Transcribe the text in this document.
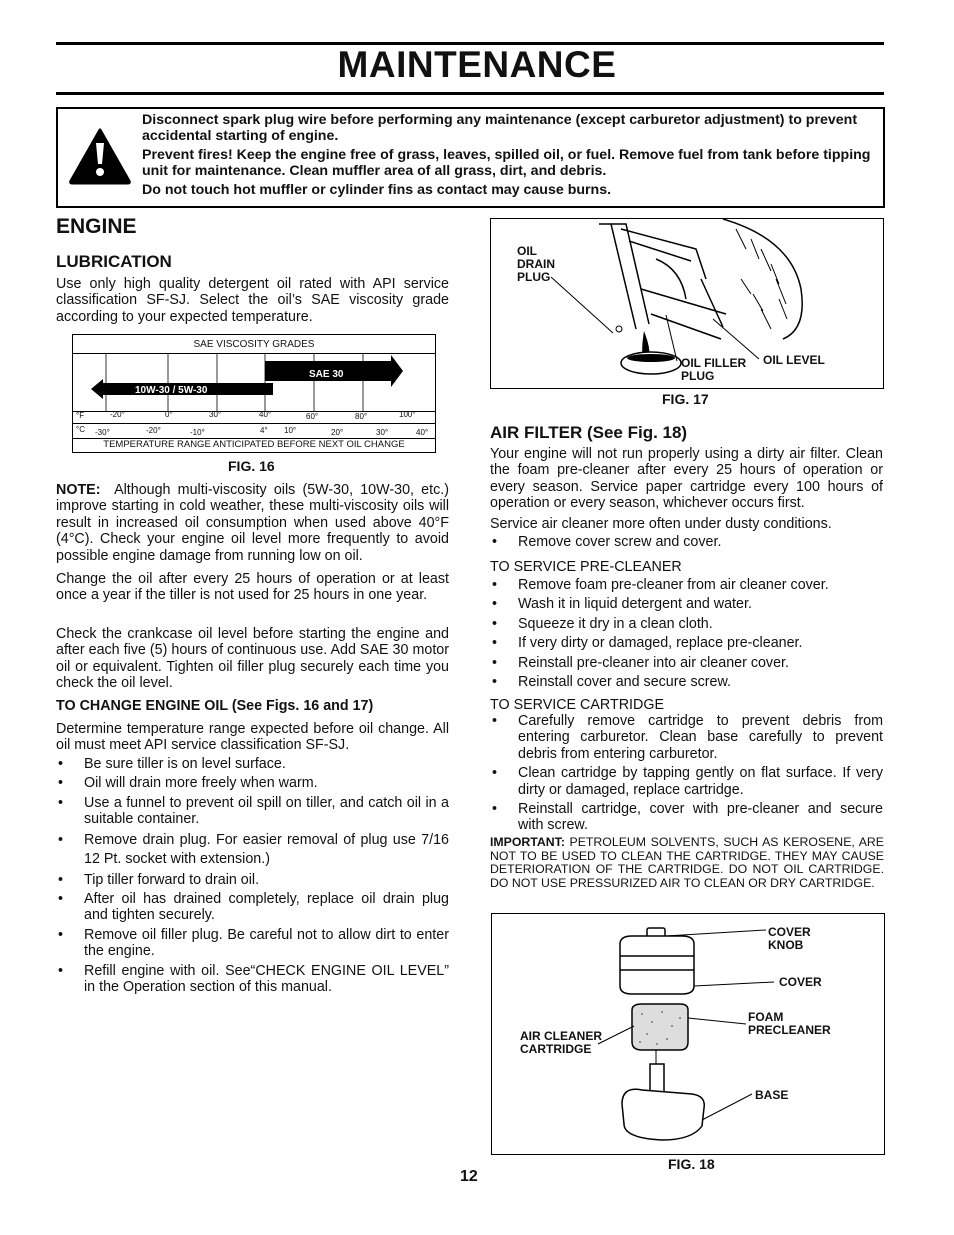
MAINTENANCE

Disconnect spark plug wire before performing any maintenance (except carburetor adjustment) to prevent accidental starting of engine.

Prevent fires! Keep the engine free of grass, leaves, spilled oil, or fuel. Remove fuel from tank before tipping unit for maintenance. Clean muffler area of all grass, dirt, and debris.

Do not touch hot muffler or cylinder fins as contact may cause burns.

ENGINE
LUBRICATION
Use only high quality detergent oil rated with API service classification SF-SJ. Select the oil’s SAE viscosity grade according to your expected temperature.
SAE VISCOSITY GRADES
10W-30 / 5W-30
SAE 30
°F	-20°	0°	30°	40°	60°	80°	100°
°C -30°	-20°	-10°	4° 10°	20°	30°	40°
TEMPERATURE RANGE ANTICIPATED BEFORE NEXT OIL CHANGE
FIG. 16
NOTE: Although multi-viscosity oils (5W-30, 10W-30, etc.) improve starting in cold weather, these multi-viscosity oils will result in increased oil consumption when used above 40°F (4°C). Check your engine oil level more frequently to avoid possible engine damage from running low on oil.
Change the oil after every 25 hours of operation or at least once a year if the tiller is not used for 25 hours in one year.
Check the crankcase oil level before starting the engine and after each five (5) hours of continuous use. Add SAE 30 motor oil or equivalent. Tighten oil filler plug securely each time you check the oil level.
TO CHANGE ENGINE OIL (See Figs. 16 and 17)
Determine temperature range expected before oil change. All oil must meet API service classification SF-SJ.
• Be sure tiller is on level surface.
• Oil will drain more freely when warm.
• Use a funnel to prevent oil spill on tiller, and catch oil in a suitable container.
• Remove drain plug. For easier removal of plug use 7/16 12 Pt. socket with extension.)
• Tip tiller forward to drain oil.
• After oil has drained completely, replace oil drain plug and tighten securely.
• Remove oil filler plug. Be careful not to allow dirt to enter the engine.
• Refill engine with oil. See“CHECK ENGINE OIL LEVEL” in the Operation section of this manual.
OIL
DRAIN
PLUG
OIL FILLER
PLUG
OIL LEVEL
FIG. 17
AIR FILTER (See Fig. 18)
Your engine will not run properly using a dirty air filter. Clean the foam pre-cleaner after every 25 hours of operation or every season. Service paper cartridge every 100 hours of operation or every season, whichever occurs first.
Service air cleaner more often under dusty conditions.
• Remove cover screw and cover.
TO SERVICE PRE-CLEANER
• Remove foam pre-cleaner from air cleaner cover.
• Wash it in liquid detergent and water.
• Squeeze it dry in a clean cloth.
• If very dirty or damaged, replace pre-cleaner.
• Reinstall pre-cleaner into air cleaner cover.
• Reinstall cover and secure screw.
TO SERVICE CARTRIDGE
• Carefully remove cartridge to prevent debris from entering carburetor. Clean base carefully to prevent debris from entering carburetor.
• Clean cartridge by tapping gently on flat surface. If very dirty or damaged, replace cartridge.
• Reinstall cartridge, cover with pre-cleaner and secure with screw.
IMPORTANT: PETROLEUM SOLVENTS, SUCH AS KEROSENE, ARE NOT TO BE USED TO CLEAN THE CARTRIDGE. THEY MAY CAUSE DETERIORATION OF THE CARTRIDGE. DO NOT OIL CARTRIDGE. DO NOT USE PRESSURIZED AIR TO CLEAN OR DRY CARTRIDGE.
COVER
KNOB
COVER
FOAM
PRECLEANER
AIR CLEANER
CARTRIDGE
BASE
FIG. 18
12
